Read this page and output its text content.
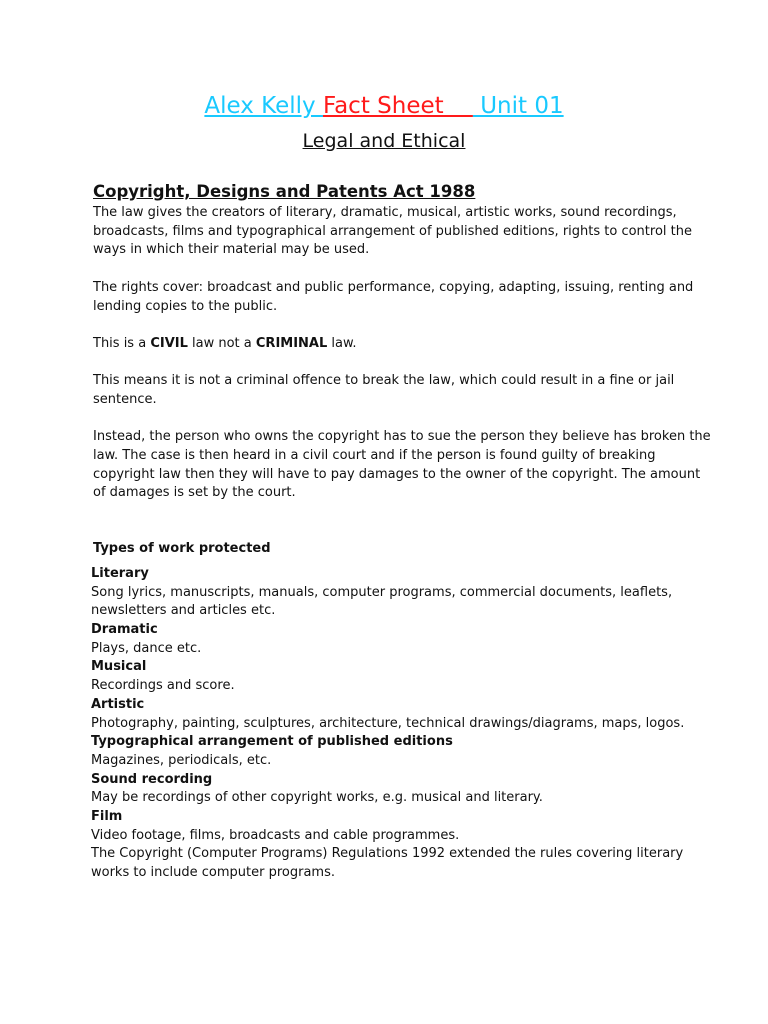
Alex Kelly Fact Sheet     Unit 01
Legal and Ethical
Copyright, Designs and Patents Act 1988

The law gives the creators of literary, dramatic, musical, artistic works, sound recordings, broadcasts, films and typographical arrangement of published editions, rights to control the ways in which their material may be used.

The rights cover: broadcast and public performance, copying, adapting, issuing, renting and lending copies to the public.

This is a CIVIL law not a CRIMINAL law.

This means it is not a criminal offence to break the law, which could result in a fine or jail sentence.

Instead, the person who owns the copyright has to sue the person they believe has broken the law. The case is then heard in a civil court and if the person is found guilty of breaking copyright law then they will have to pay damages to the owner of the copyright. The amount of damages is set by the court.

Types of work protected
Literary
Song lyrics, manuscripts, manuals, computer programs, commercial documents, leaflets, newsletters and articles etc.
Dramatic
Plays, dance etc.
Musical
Recordings and score.
Artistic
Photography, painting, sculptures, architecture, technical drawings/diagrams, maps, logos.
Typographical arrangement of published editions
Magazines, periodicals, etc.
Sound recording
May be recordings of other copyright works, e.g. musical and literary.
Film
Video footage, films, broadcasts and cable programmes.
The Copyright (Computer Programs) Regulations 1992 extended the rules covering literary works to include computer programs.
